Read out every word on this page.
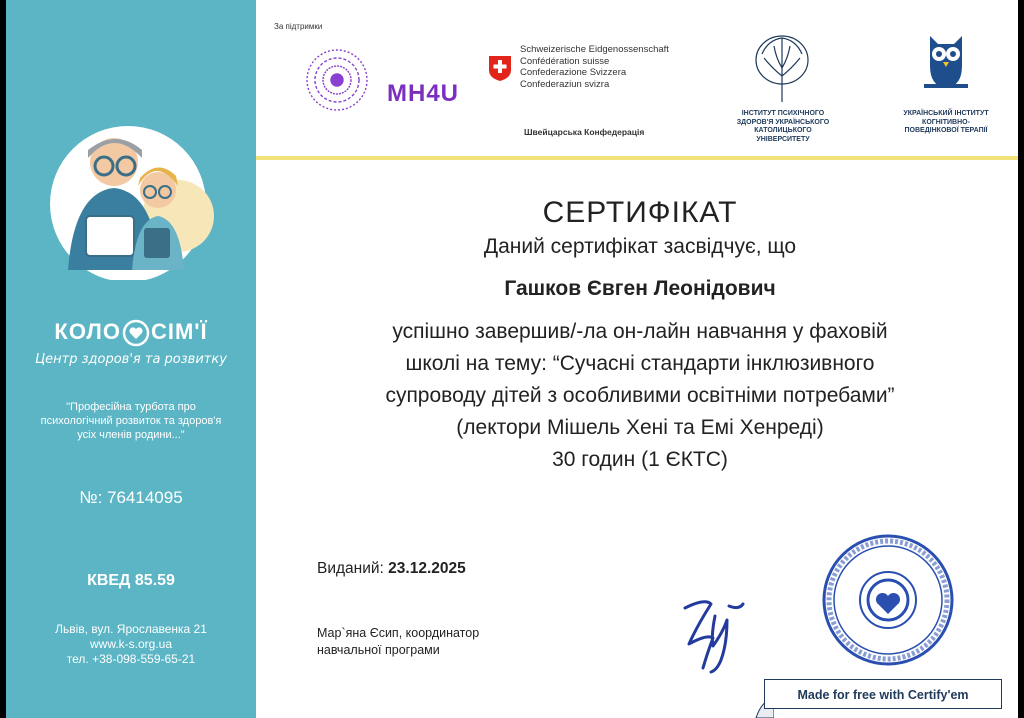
КОЛО СІМ'Ї
Центр здоров'я та розвитку
"Професійна турбота про
психологічний розвиток та здоров'я
усіх членів родини..."
№: 76414095
КВЕД 85.59
Львів, вул. Ярославенка 21
www.k-s.org.ua
тел. +38-098-559-65-21
За підтримки
MH4U
Schweizerische Eidgenossenschaft
Confédération suisse
Confederazione Svizzera
Confederaziun svizra
Швейцарська Конфедерація
ІНСТИТУТ ПСИХІЧНОГО
ЗДОРОВ'Я УКРАЇНСЬКОГО
КАТОЛИЦЬКОГО
УНІВЕРСИТЕТУ
УКРАЇНСЬКИЙ ІНСТИТУТ
КОГНІТИВНО-
ПОВЕДІНКОВОЇ ТЕРАПІЇ
СЕРТИФІКАТ
Даний сертифікат засвідчує, що
Гашков Євген Леонідович
успішно завершив/-ла он-лайн навчання у фаховій
школі на тему: “Сучасні стандарти інклюзивного
супроводу дітей з особливими освітніми потребами”
(лектори Мішель Хені та Емі Хенреді)
30 годин (1 ЄКТС)
Виданий: 23.12.2025
Мар`яна Єсип, координатор
навчальної програми
Made for free with Certify'em
